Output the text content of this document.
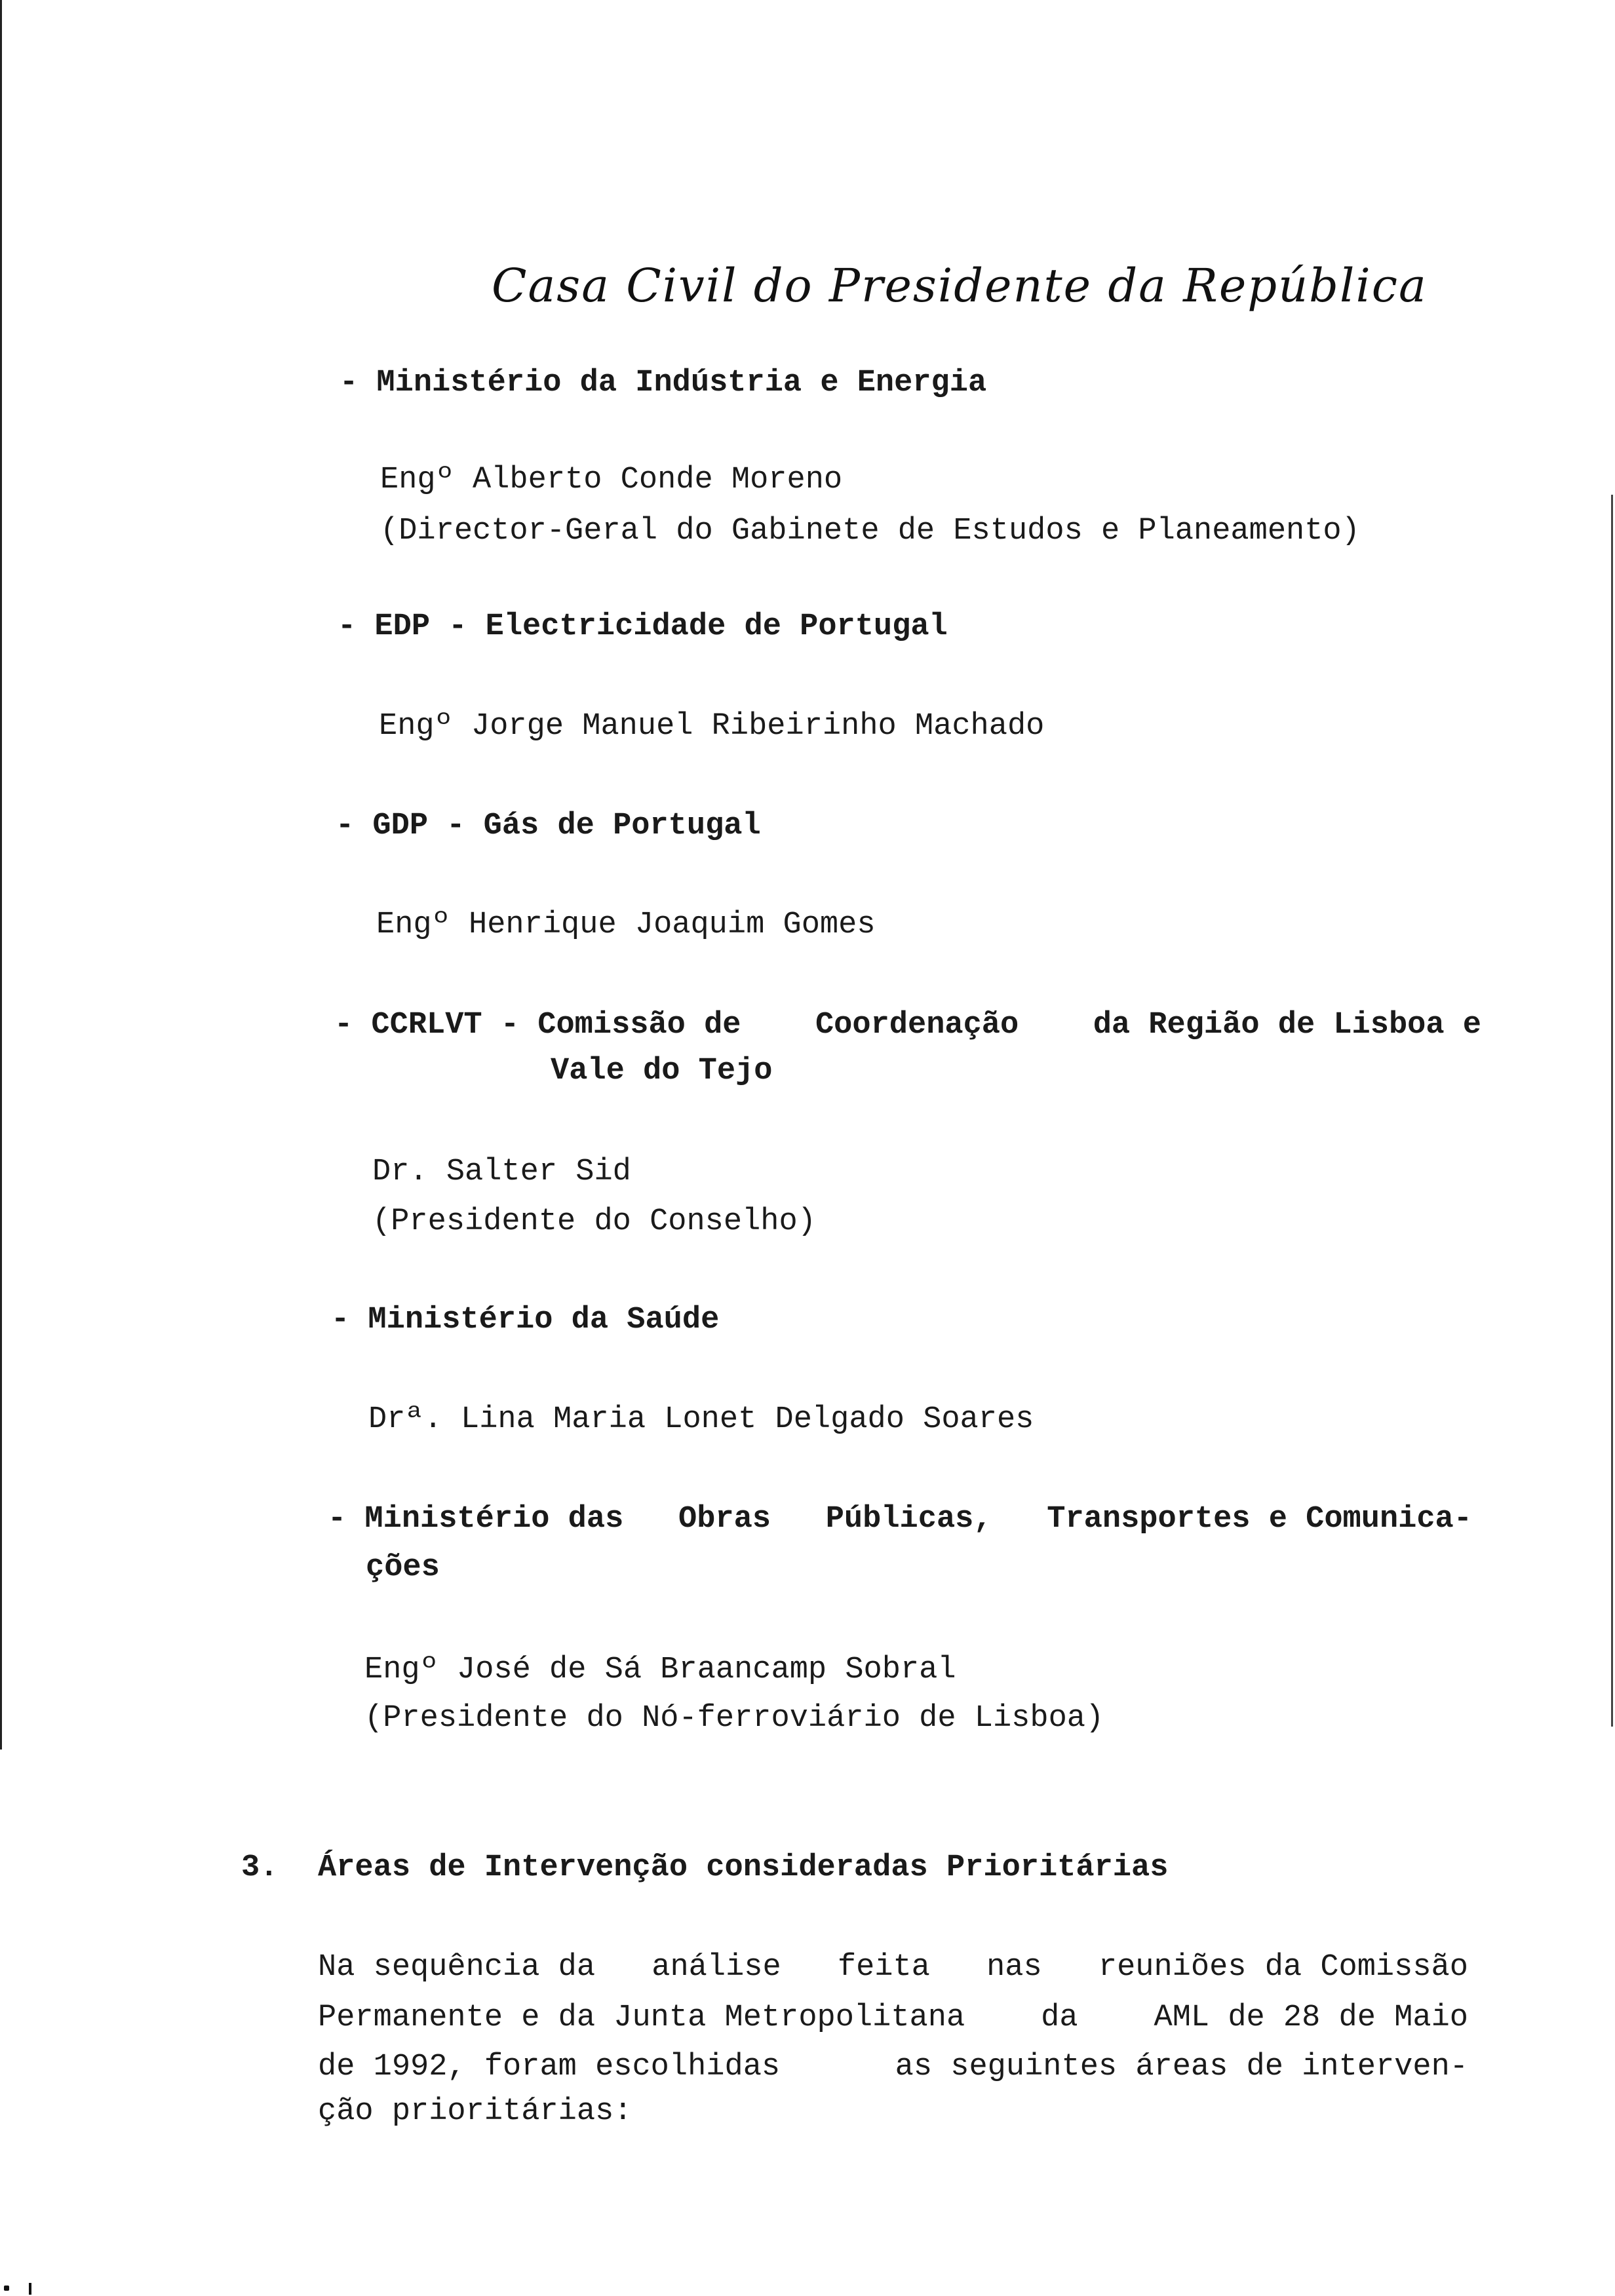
Casa Civil do Presidente da República
- Ministério da Indústria e Energia
Engº Alberto Conde Moreno
(Director-Geral do Gabinete de Estudos e Planeamento)
- EDP - Electricidade de Portugal
Engº Jorge Manuel Ribeirinho Machado
- GDP - Gás de Portugal
Engº Henrique Joaquim Gomes
- CCRLVT - Comissão de Coordenação da Região de Lisboa e
Vale do Tejo
Dr. Salter Sid
(Presidente do Conselho)
- Ministério da Saúde
Drª. Lina Maria Lonet Delgado Soares
- Ministério das Obras Públicas, Transportes e Comunica-
ções
Engº José de Sá Braancamp Sobral
(Presidente do Nó-ferroviário de Lisboa)
3. Áreas de Intervenção consideradas Prioritárias
Na sequência da análise feita nas reuniões da Comissão
Permanente e da Junta Metropolitana da AML de 28 de Maio
de 1992, foram escolhidas	as seguintes áreas de interven-
ção prioritárias:
